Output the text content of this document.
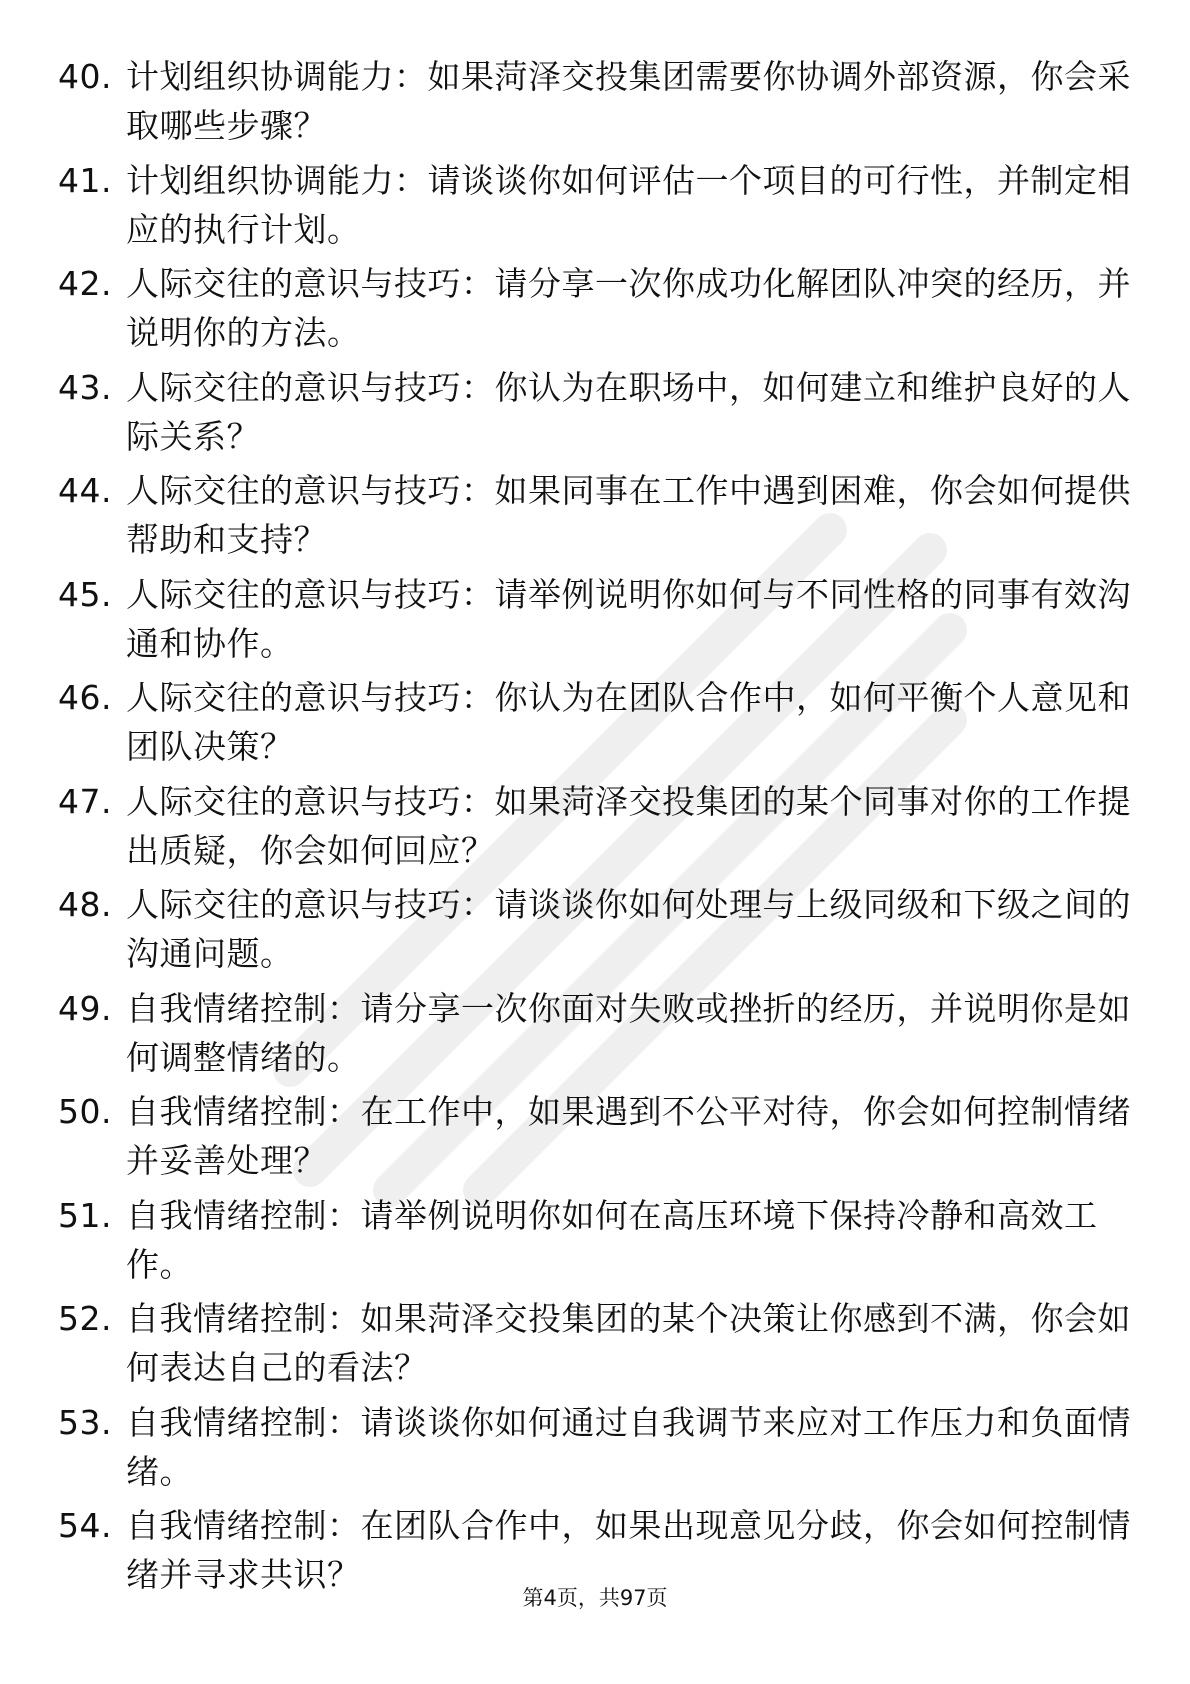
40. 计划组织协调能力：如果菏泽交投集团需要你协调外部资源，你会采取哪些步骤？
41. 计划组织协调能力：请谈谈你如何评估一个项目的可行性，并制定相应的执行计划。
42. 人际交往的意识与技巧：请分享一次你成功化解团队冲突的经历，并说明你的方法。
43. 人际交往的意识与技巧：你认为在职场中，如何建立和维护良好的人际关系？
44. 人际交往的意识与技巧：如果同事在工作中遇到困难，你会如何提供帮助和支持？
45. 人际交往的意识与技巧：请举例说明你如何与不同性格的同事有效沟通和协作。
46. 人际交往的意识与技巧：你认为在团队合作中，如何平衡个人意见和团队决策？
47. 人际交往的意识与技巧：如果菏泽交投集团的某个同事对你的工作提出质疑，你会如何回应？
48. 人际交往的意识与技巧：请谈谈你如何处理与上级同级和下级之间的沟通问题。
49. 自我情绪控制：请分享一次你面对失败或挫折的经历，并说明你是如何调整情绪的。
50. 自我情绪控制：在工作中，如果遇到不公平对待，你会如何控制情绪并妥善处理？
51. 自我情绪控制：请举例说明你如何在高压环境下保持冷静和高效工作。
52. 自我情绪控制：如果菏泽交投集团的某个决策让你感到不满，你会如何表达自己的看法？
53. 自我情绪控制：请谈谈你如何通过自我调节来应对工作压力和负面情绪。
54. 自我情绪控制：在团队合作中，如果出现意见分歧，你会如何控制情绪并寻求共识？
第4页，共97页
